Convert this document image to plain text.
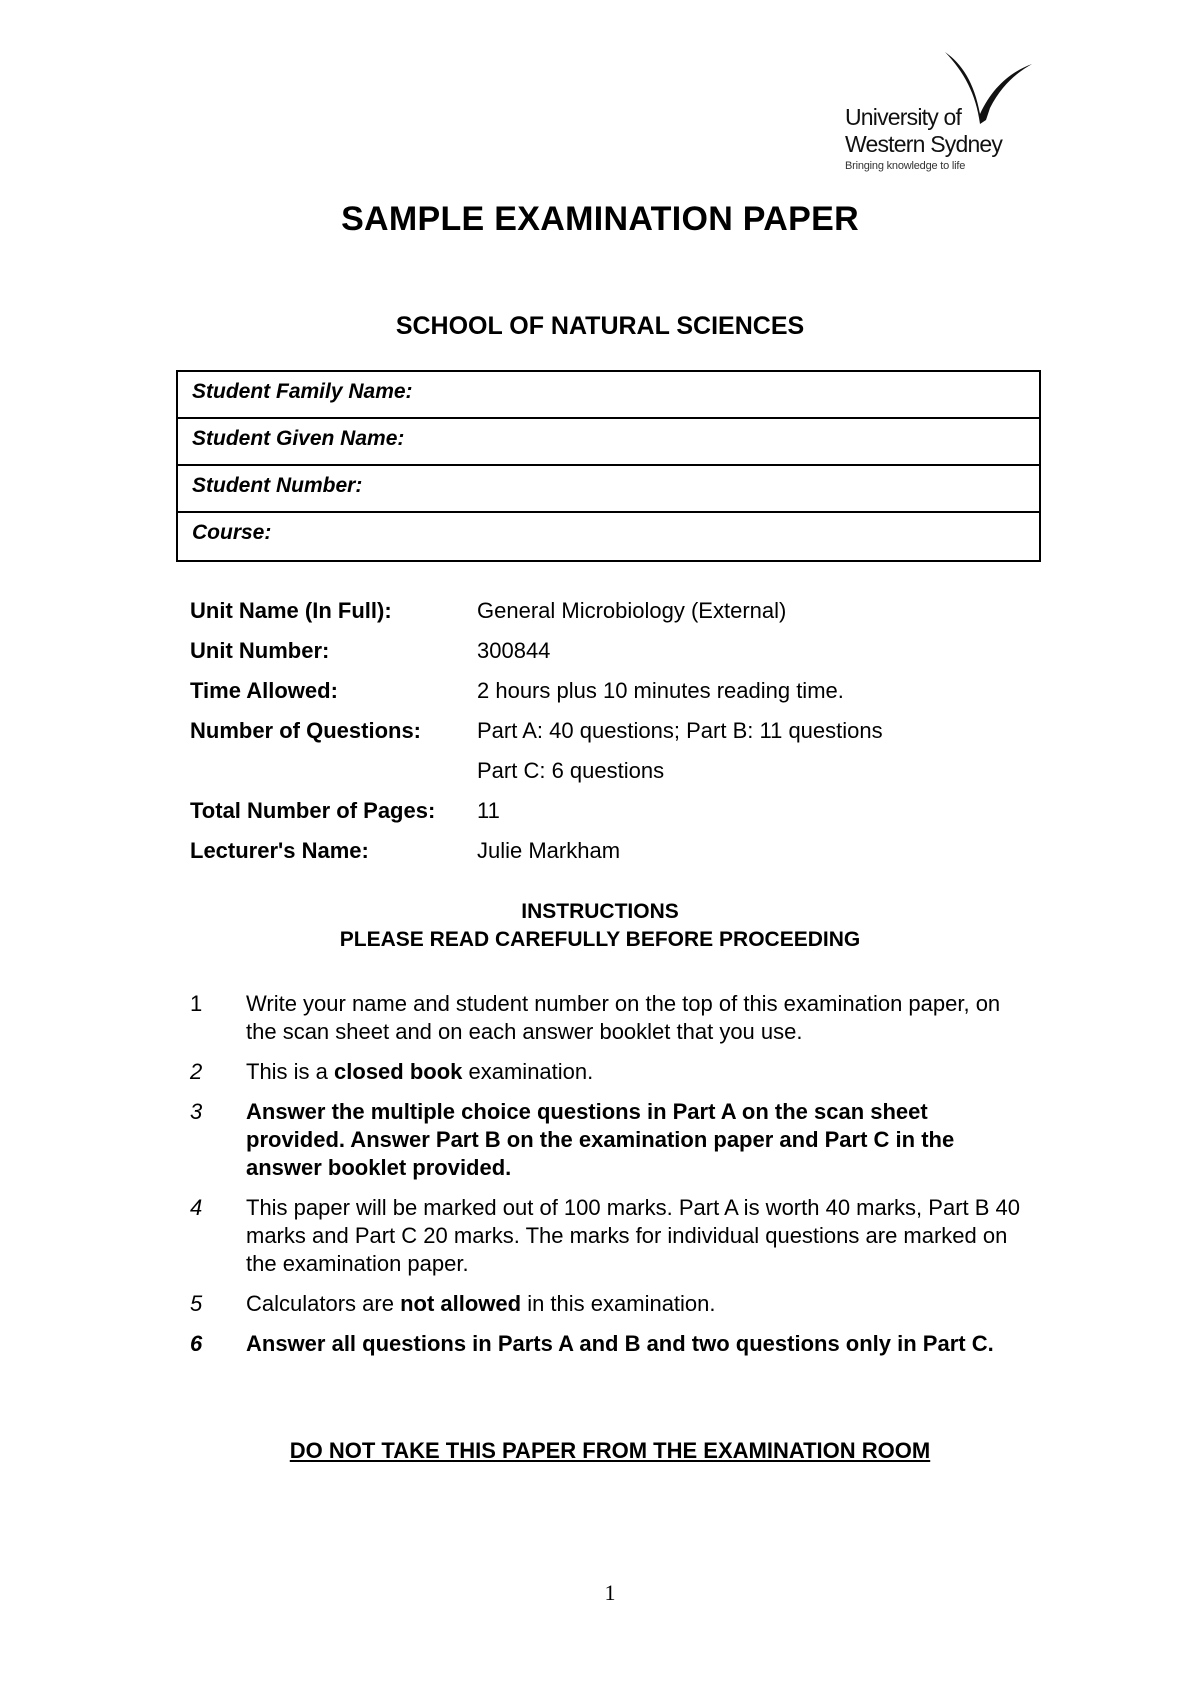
University of
Western Sydney
Bringing knowledge to life
SAMPLE EXAMINATION PAPER
SCHOOL OF NATURAL SCIENCES
Student Family Name:
Student Given Name:
Student Number:
Course:
Unit Name (In Full):	General Microbiology (External)
Unit Number:	300844
Time Allowed:	2 hours plus 10 minutes reading time.
Number of Questions:	Part A: 40 questions; Part B: 11 questions
Part C: 6 questions
Total Number of Pages: 11
Lecturer's Name:	Julie Markham
INSTRUCTIONS
PLEASE READ CAREFULLY BEFORE PROCEEDING
1 Write your name and student number on the top of this examination paper, on the scan sheet and on each answer booklet that you use.
2 This is a closed book examination.
3 Answer the multiple choice questions in Part A on the scan sheet provided. Answer Part B on the examination paper and Part C in the answer booklet provided.
4 This paper will be marked out of 100 marks. Part A is worth 40 marks, Part B 40 marks and Part C 20 marks. The marks for individual questions are marked on the examination paper.
5 Calculators are not allowed in this examination.
6 Answer all questions in Parts A and B and two questions only in Part C.
DO NOT TAKE THIS PAPER FROM THE EXAMINATION ROOM
1
